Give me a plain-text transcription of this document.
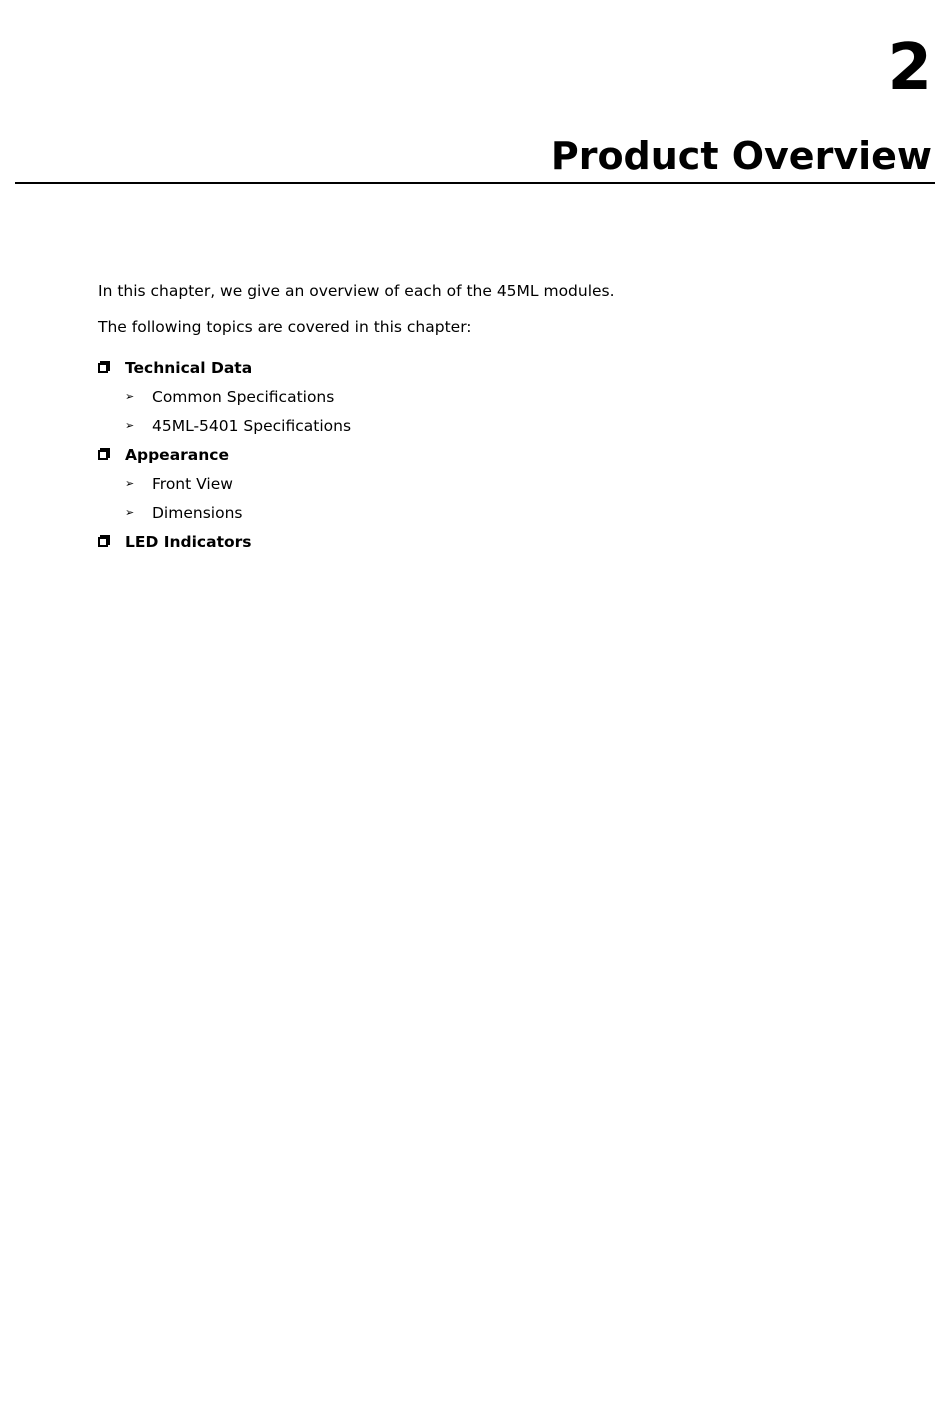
2
Product Overview

In this chapter, we give an overview of each of the 45ML modules.

The following topics are covered in this chapter:

Technical Data
➢ Common Specifications
➢ 45ML-5401 Specifications
Appearance
➢ Front View
➢ Dimensions
LED Indicators
